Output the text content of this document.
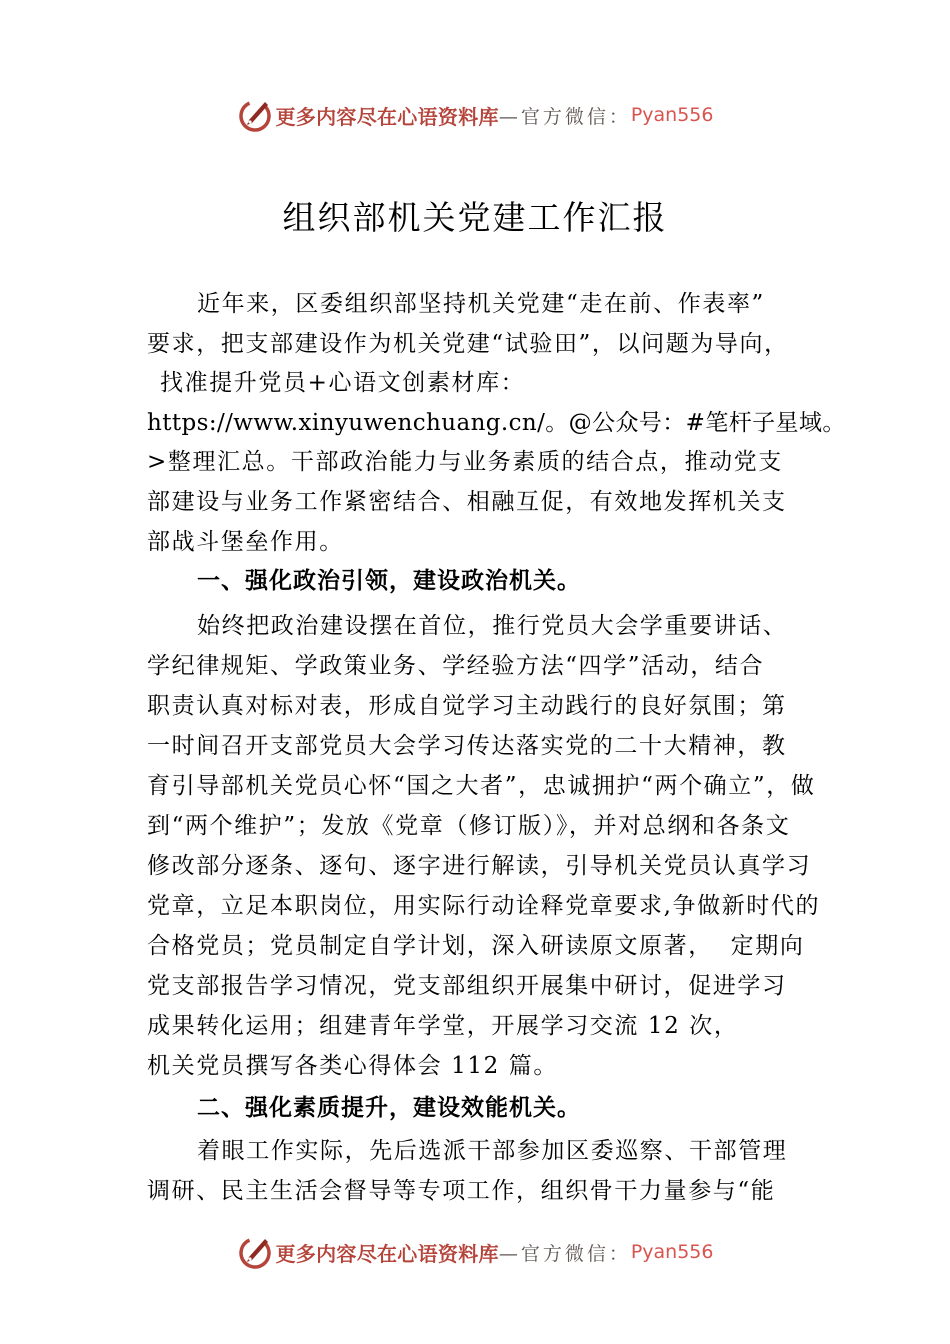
更多内容尽在心语资料库 —官方微信： Pyan556
组织部机关党建工作汇报
近年来，区委组织部坚持机关党建“走在前、作表率”
要求，把支部建设作为机关党建“试验田”，以问题为导向，
找准提升党员+心语文创素材库：
https://www.xinyuwenchuang.cn/。@公众号：#笔杆子星域。
>整理汇总。干部政治能力与业务素质的结合点，推动党支
部建设与业务工作紧密结合、相融互促，有效地发挥机关支
部战斗堡垒作用。
一、强化政治引领，建设政治机关。
始终把政治建设摆在首位，推行党员大会学重要讲话、
学纪律规矩、学政策业务、学经验方法“四学”活动，结合
职责认真对标对表，形成自觉学习主动践行的良好氛围；第
一时间召开支部党员大会学习传达落实党的二十大精神，教
育引导部机关党员心怀“国之大者”，忠诚拥护“两个确立”，做
到“两个维护”；发放《党章（修订版）》，并对总纲和各条文
修改部分逐条、逐句、逐字进行解读，引导机关党员认真学习
党章，立足本职岗位，用实际行动诠释党章要求,争做新时代的
合格党员；党员制定自学计划，深入研读原文原著，  定期向
党支部报告学习情况，党支部组织开展集中研讨，促进学习
成果转化运用；组建青年学堂，开展学习交流 12 次，
机关党员撰写各类心得体会 112 篇。
二、强化素质提升，建设效能机关。
着眼工作实际，先后选派干部参加区委巡察、干部管理
调研、民主生活会督导等专项工作，组织骨干力量参与“能
更多内容尽在心语资料库 —官方微信： Pyan556
